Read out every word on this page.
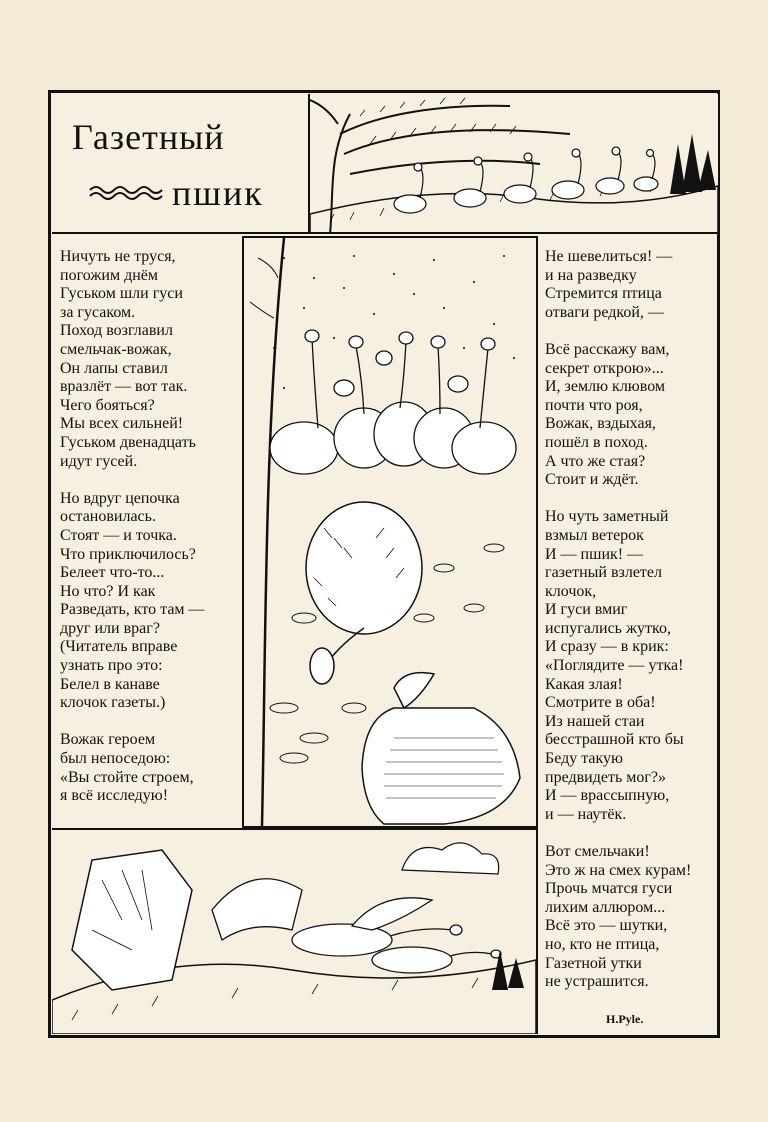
Газетный
пшик
Ничуть не труся,
погожим днём
Гуськом шли гуси
за гусаком.
Поход возглавил
смельчак-вожак,
Он лапы ставил
вразлёт — вот так.
Чего бояться?
Мы всех сильней!
Гуськом двенадцать
идут гусей.

Но вдруг цепочка
остановилась.
Стоят — и точка.
Что приключилось?
Белеет что-то...
Но что? И как
Разведать, кто там —
друг или враг?
(Читатель вправе
узнать про это:
Белел в канаве
клочок газеты.)

Вожак героем
был непоседою:
«Вы стойте строем,
я всё исследую!
Не шевелиться! —
и на разведку
Стремится птица
отваги редкой, —

Всё расскажу вам,
секрет открою»...
И, землю клювом
почти что роя,
Вожак, вздыхая,
пошёл в поход.
А что же стая?
Стоит и ждёт.

Но чуть заметный
взмыл ветерок
И — пшик! —
газетный взлетел
клочок,
И гуси вмиг
испугались жутко,
И сразу — в крик:
«Поглядите — утка!
Какая злая!
Смотрите в оба!
Из нашей стаи
бесстрашной кто бы
Беду такую
предвидеть мог?»
И — врассыпную,
и — наутёк.

Вот смельчаки!
Это ж на смех курам!
Прочь мчатся гуси
лихим аллюром...
Всё это — шутки,
но, кто не птица,
Газетной утки
не устрашится.
H.Pyle.
